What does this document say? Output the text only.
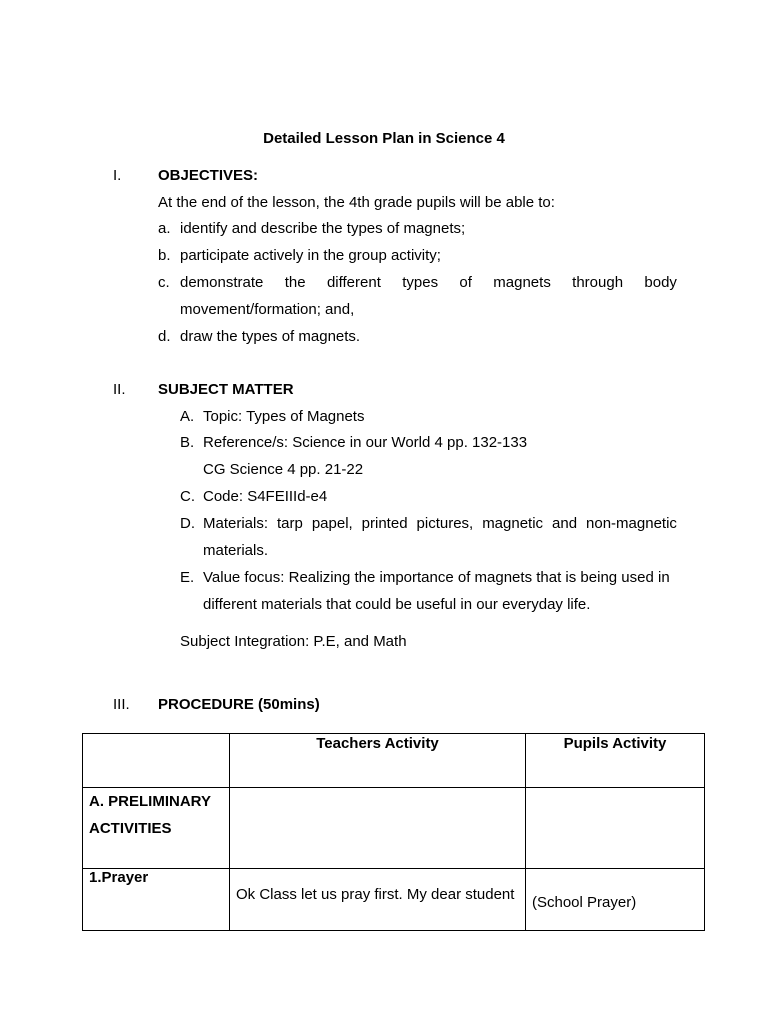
Detailed Lesson Plan in Science 4
I. OBJECTIVES:
At the end of the lesson, the 4th grade pupils will be able to:
a. identify and describe the types of magnets;
b. participate actively in the group activity;
c. demonstrate the different types of magnets through body
movement/formation; and,
d. draw the types of magnets.
II. SUBJECT MATTER
A. Topic: Types of Magnets
B. Reference/s: Science in our World 4 pp. 132-133
CG Science 4 pp. 21-22
C. Code: S4FEIIId-e4
D. Materials: tarp papel, printed pictures, magnetic and non-magnetic
materials.
E. Value focus: Realizing the importance of magnets that is being used in
different materials that could be useful in our everyday life.
Subject Integration: P.E, and Math
III. PROCEDURE (50mins)
	Teachers Activity	Pupils Activity
A. PRELIMINARY ACTIVITIES		
1.Prayer	Ok Class let us pray first. My dear student	(School Prayer)
